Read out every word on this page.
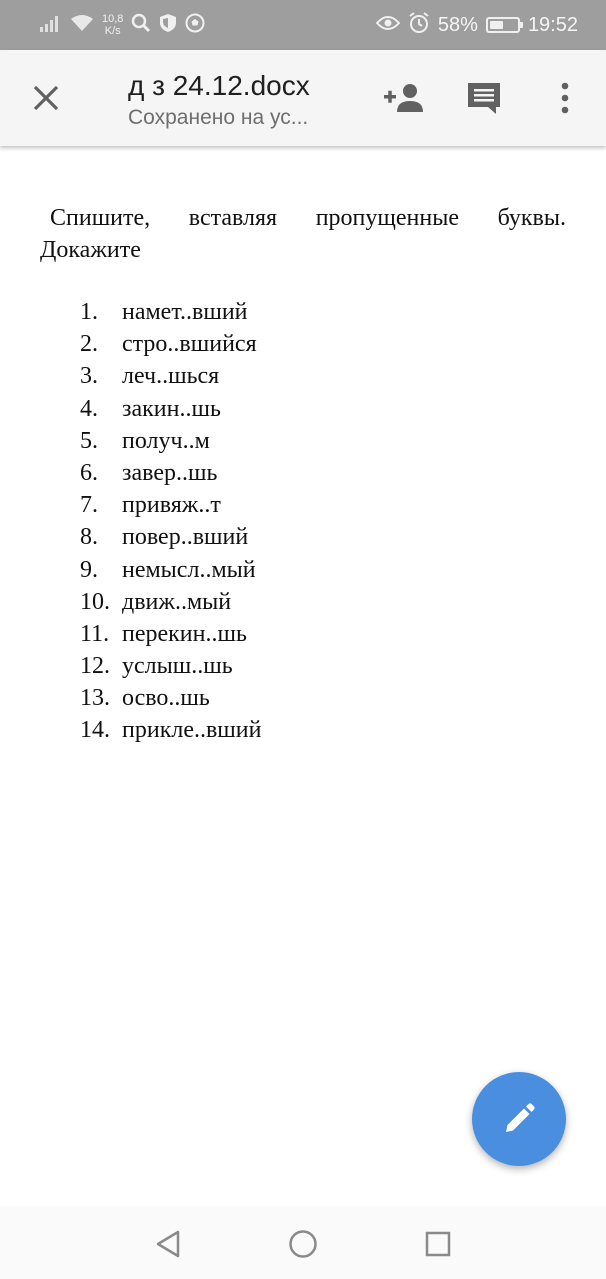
10,8
K/s	58%	19:52
д з 24.12.docx
Сохранено на ус...
Спишите, вставляя пропущенные буквы.
Докажите
1.	намет..вший
2.	стро..вшийся
3.	леч..шься
4.	закин..шь
5.	получ..м
6.	завер..шь
7.	привяж..т
8.	повер..вший
9.	немысл..мый
10. движ..мый
11. перекин..шь
12. услыш..шь
13. осво..шь
14. прикле..вший
